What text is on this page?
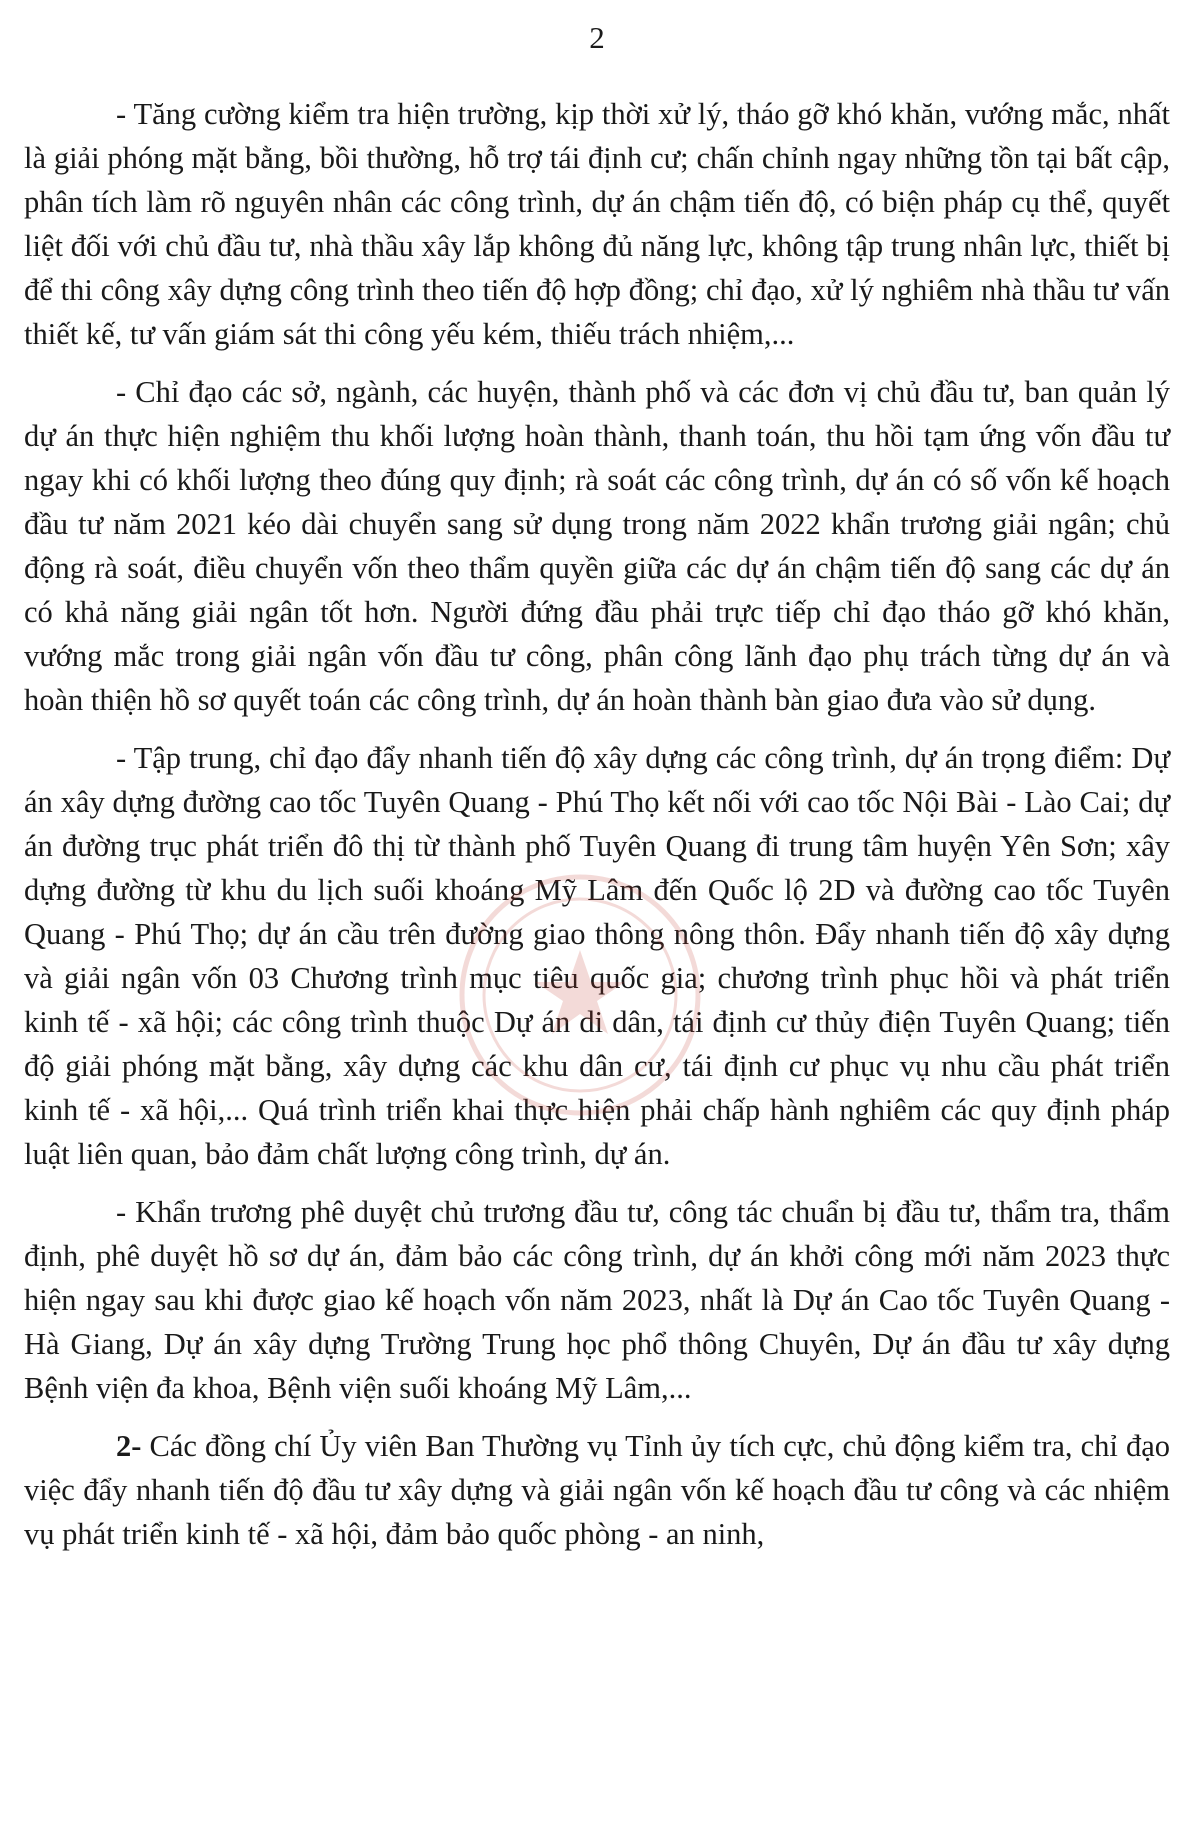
2

- Tăng cường kiểm tra hiện trường, kịp thời xử lý, tháo gỡ khó khăn, vướng mắc, nhất là giải phóng mặt bằng, bồi thường, hỗ trợ tái định cư; chấn chỉnh ngay những tồn tại bất cập, phân tích làm rõ nguyên nhân các công trình, dự án chậm tiến độ, có biện pháp cụ thể, quyết liệt đối với chủ đầu tư, nhà thầu xây lắp không đủ năng lực, không tập trung nhân lực, thiết bị để thi công xây dựng công trình theo tiến độ hợp đồng; chỉ đạo, xử lý nghiêm nhà thầu tư vấn thiết kế, tư vấn giám sát thi công yếu kém, thiếu trách nhiệm,...

- Chỉ đạo các sở, ngành, các huyện, thành phố và các đơn vị chủ đầu tư, ban quản lý dự án thực hiện nghiệm thu khối lượng hoàn thành, thanh toán, thu hồi tạm ứng vốn đầu tư ngay khi có khối lượng theo đúng quy định; rà soát các công trình, dự án có số vốn kế hoạch đầu tư năm 2021 kéo dài chuyển sang sử dụng trong năm 2022 khẩn trương giải ngân; chủ động rà soát, điều chuyển vốn theo thẩm quyền giữa các dự án chậm tiến độ sang các dự án có khả năng giải ngân tốt hơn. Người đứng đầu phải trực tiếp chỉ đạo tháo gỡ khó khăn, vướng mắc trong giải ngân vốn đầu tư công, phân công lãnh đạo phụ trách từng dự án và hoàn thiện hồ sơ quyết toán các công trình, dự án hoàn thành bàn giao đưa vào sử dụng.

- Tập trung, chỉ đạo đẩy nhanh tiến độ xây dựng các công trình, dự án trọng điểm: Dự án xây dựng đường cao tốc Tuyên Quang - Phú Thọ kết nối với cao tốc Nội Bài - Lào Cai; dự án đường trục phát triển đô thị từ thành phố Tuyên Quang đi trung tâm huyện Yên Sơn; xây dựng đường từ khu du lịch suối khoáng Mỹ Lâm đến Quốc lộ 2D và đường cao tốc Tuyên Quang - Phú Thọ; dự án cầu trên đường giao thông nông thôn. Đẩy nhanh tiến độ xây dựng và giải ngân vốn 03 Chương trình mục tiêu quốc gia; chương trình phục hồi và phát triển kinh tế - xã hội; các công trình thuộc Dự án di dân, tái định cư thủy điện Tuyên Quang; tiến độ giải phóng mặt bằng, xây dựng các khu dân cư, tái định cư phục vụ nhu cầu phát triển kinh tế - xã hội,... Quá trình triển khai thực hiện phải chấp hành nghiêm các quy định pháp luật liên quan, bảo đảm chất lượng công trình, dự án.

- Khẩn trương phê duyệt chủ trương đầu tư, công tác chuẩn bị đầu tư, thẩm tra, thẩm định, phê duyệt hồ sơ dự án, đảm bảo các công trình, dự án khởi công mới năm 2023 thực hiện ngay sau khi được giao kế hoạch vốn năm 2023, nhất là Dự án Cao tốc Tuyên Quang - Hà Giang, Dự án xây dựng Trường Trung học phổ thông Chuyên, Dự án đầu tư xây dựng Bệnh viện đa khoa, Bệnh viện suối khoáng Mỹ Lâm,...

2- Các đồng chí Ủy viên Ban Thường vụ Tỉnh ủy tích cực, chủ động kiểm tra, chỉ đạo việc đẩy nhanh tiến độ đầu tư xây dựng và giải ngân vốn kế hoạch đầu tư công và các nhiệm vụ phát triển kinh tế - xã hội, đảm bảo quốc phòng - an ninh,
